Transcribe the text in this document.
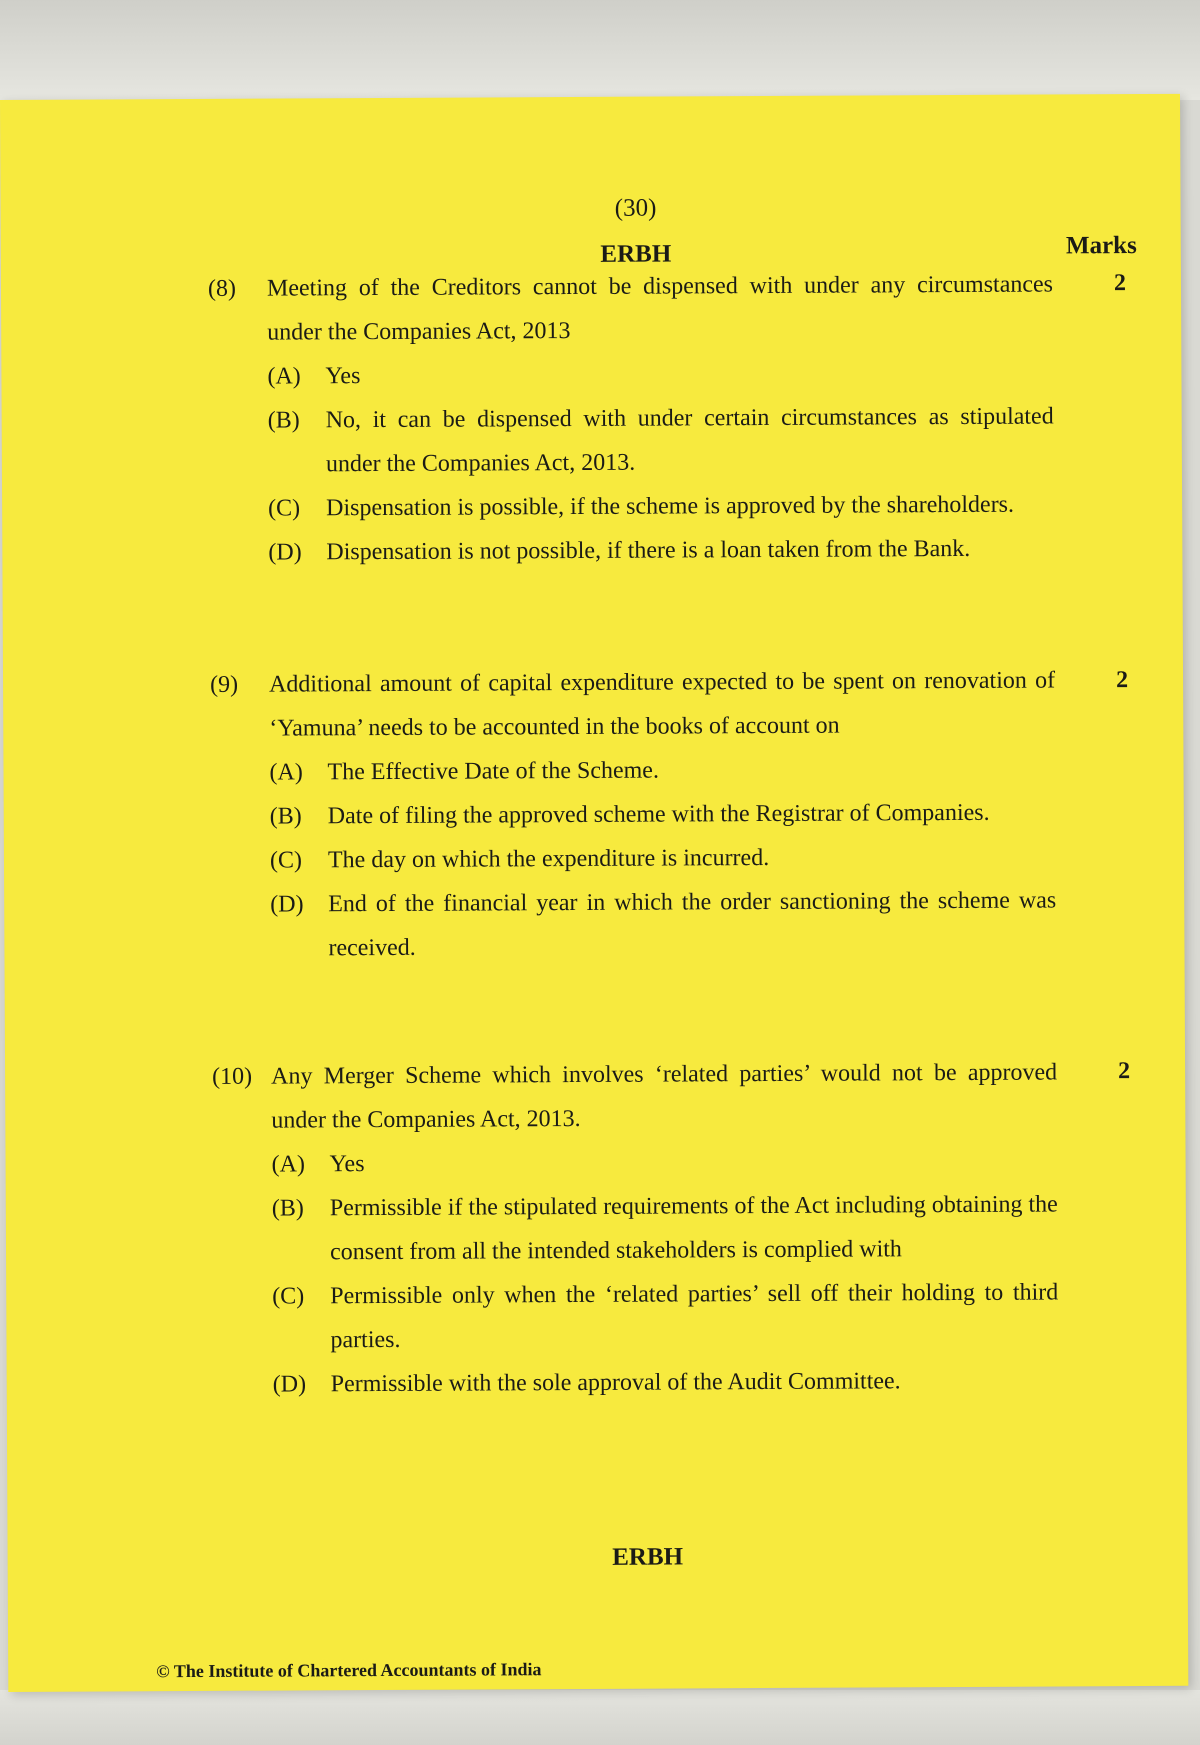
(30)
ERBH	Marks
(8)	Meeting of the Creditors cannot be dispensed with under any circumstances under the Companies Act, 2013
(A)	Yes
(B)	No, it can be dispensed with under certain circumstances as stipulated under the Companies Act, 2013.
(C)	Dispensation is possible, if the scheme is approved by the shareholders.
(D)	Dispensation is not possible, if there is a loan taken from the Bank.
2
(9)	Additional amount of capital expenditure expected to be spent on renovation of ‘Yamuna’ needs to be accounted in the books of account on
(A)	The Effective Date of the Scheme.
(B)	Date of filing the approved scheme with the Registrar of Companies.
(C)	The day on which the expenditure is incurred.
(D)	End of the financial year in which the order sanctioning the scheme was received.
2
(10) Any Merger Scheme which involves ‘related parties’ would not be approved under the Companies Act, 2013.
(A)	Yes
(B)	Permissible if the stipulated requirements of the Act including obtaining the consent from all the intended stakeholders is complied with
(C)	Permissible only when the ‘related parties’ sell off their holding to third parties.
(D)	Permissible with the sole approval of the Audit Committee.
2
ERBH
© The Institute of Chartered Accountants of India
